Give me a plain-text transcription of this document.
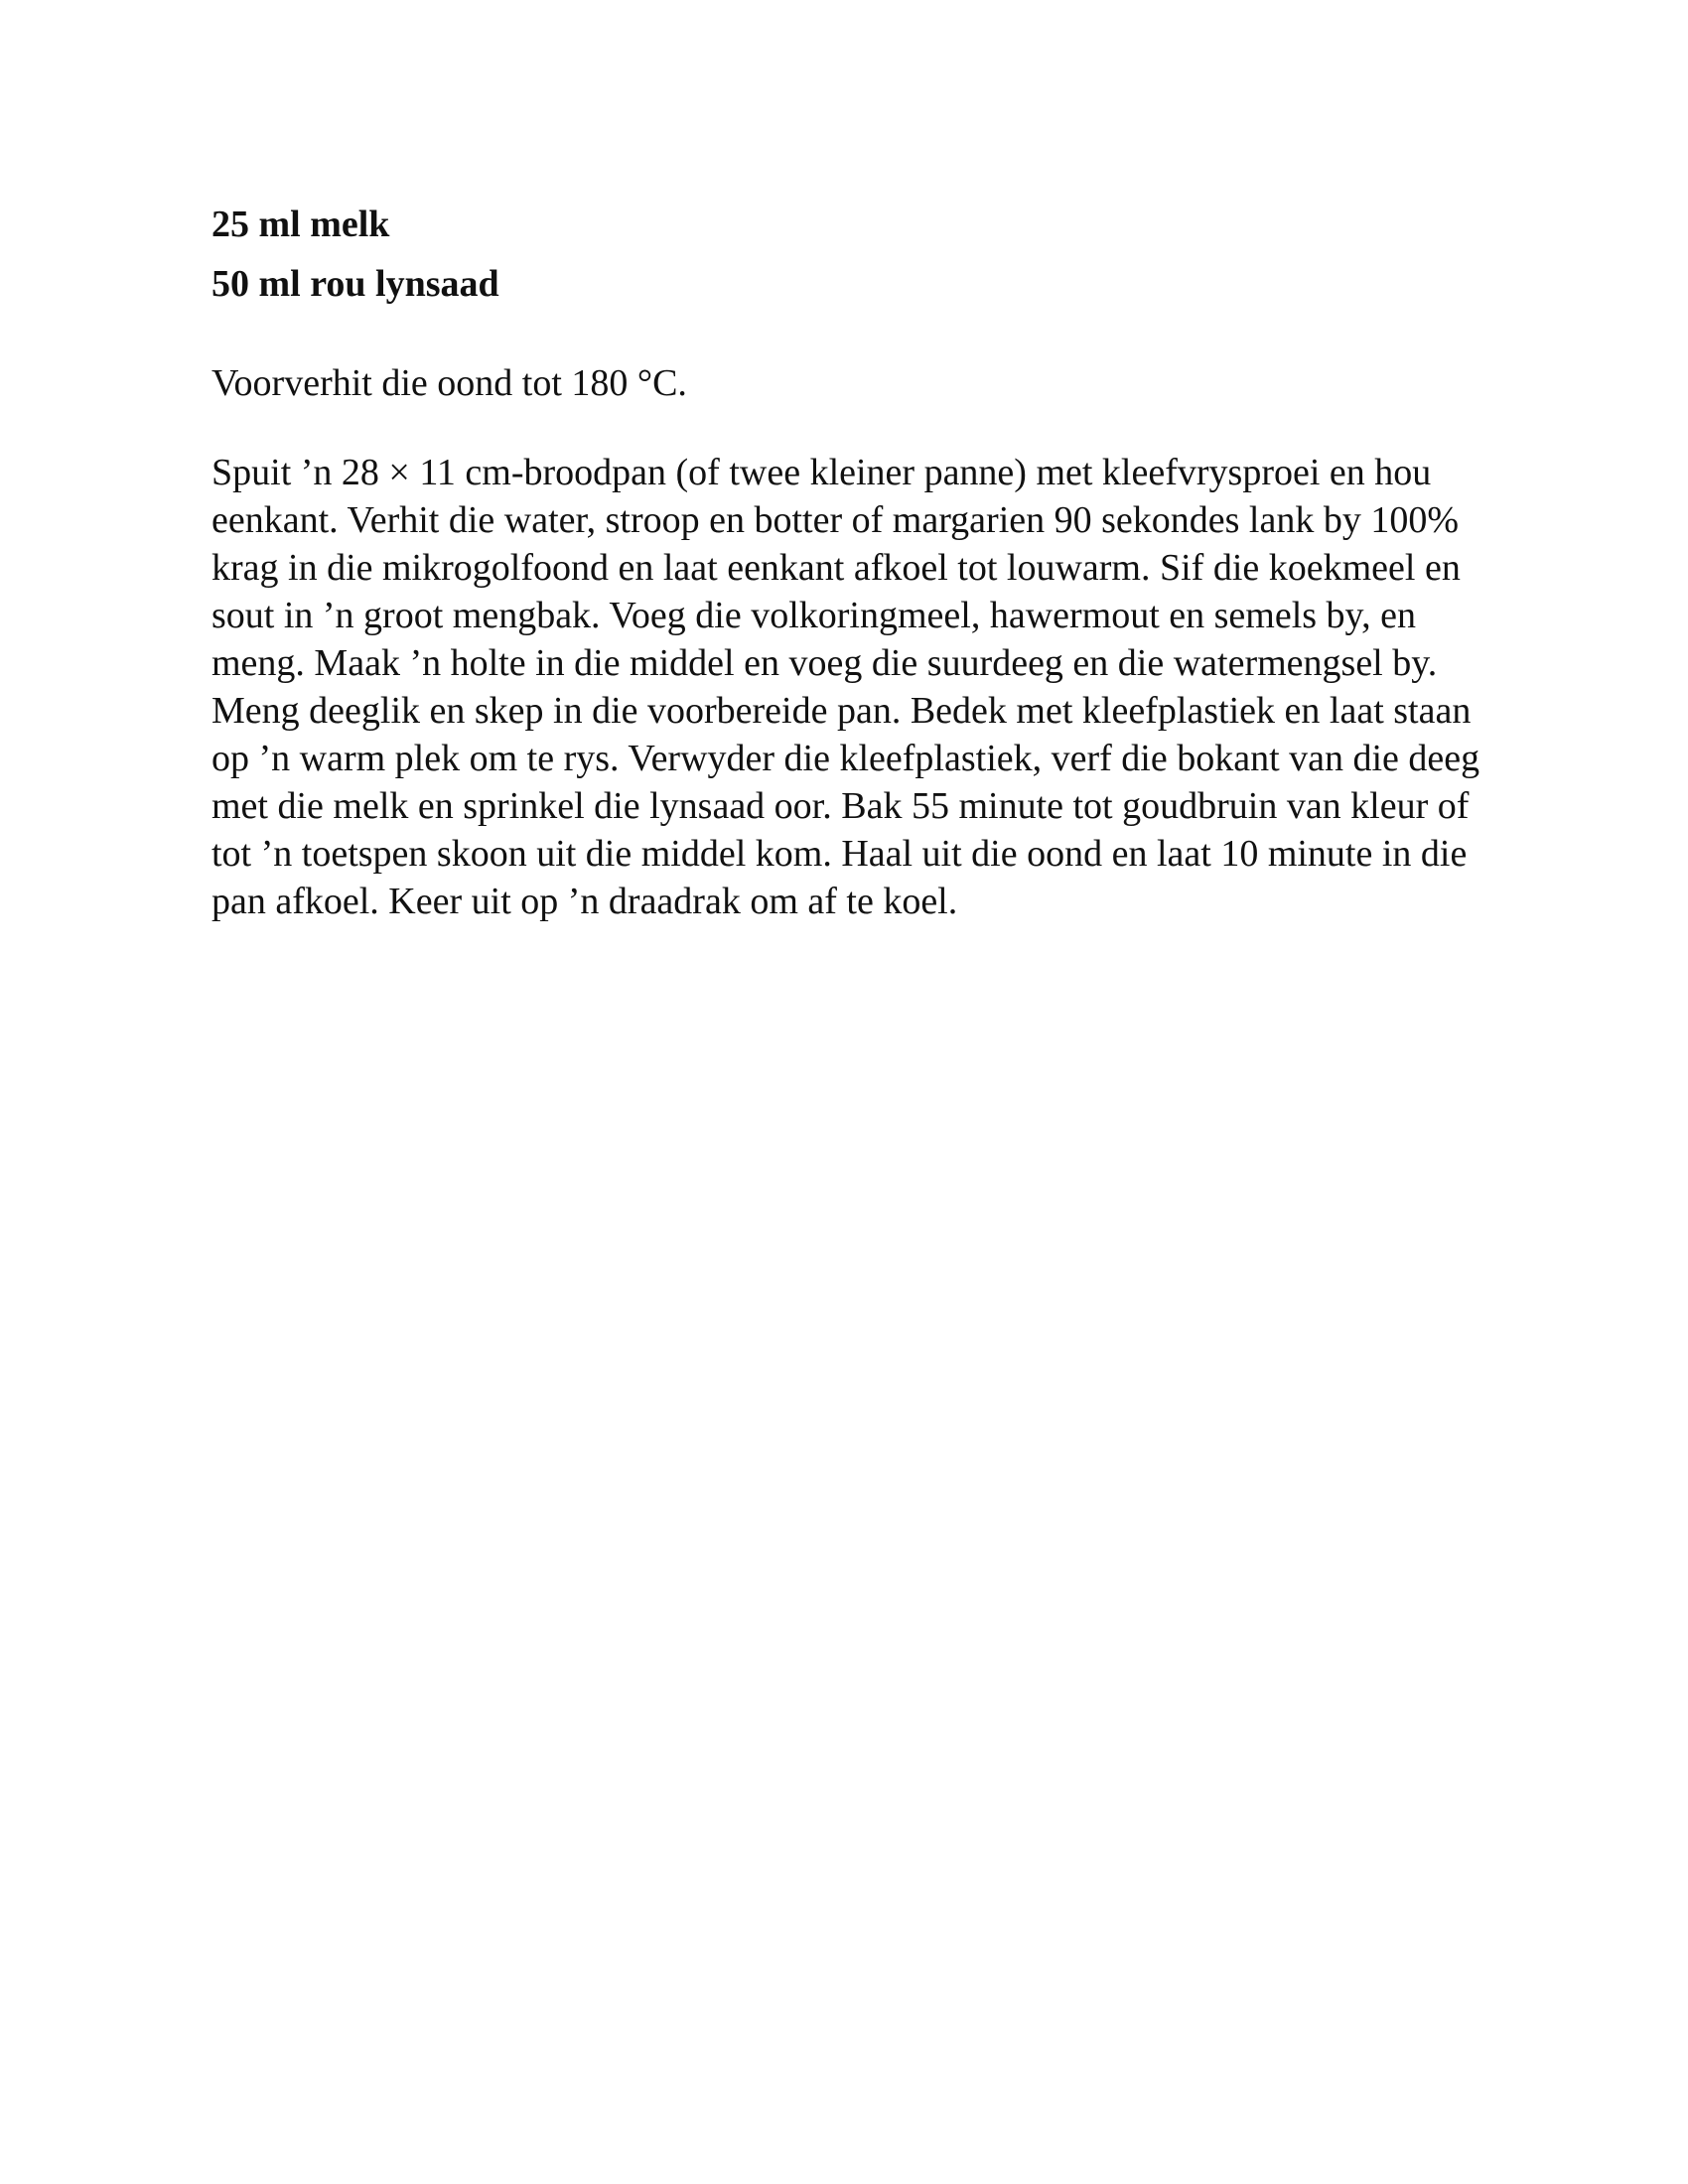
25 ml melk

50 ml rou lynsaad

Voorverhit die oond tot 180 °C.

Spuit ’n 28 × 11 cm-broodpan (of twee kleiner panne) met kleefvrysproei en hou eenkant. Verhit die water, stroop en botter of margarien 90 sekondes lank by 100% krag in die mikrogolfoond en laat eenkant afkoel tot louwarm. Sif die koekmeel en sout in ’n groot mengbak. Voeg die volkoringmeel, hawermout en semels by, en meng. Maak ’n holte in die middel en voeg die suurdeeg en die watermengsel by. Meng deeglik en skep in die voorbereide pan. Bedek met kleefplastiek en laat staan op ’n warm plek om te rys. Verwyder die kleefplastiek, verf die bokant van die deeg met die melk en sprinkel die lynsaad oor. Bak 55 minute tot goudbruin van kleur of tot ’n toetspen skoon uit die middel kom. Haal uit die oond en laat 10 minute in die pan afkoel. Keer uit op ’n draadrak om af te koel.
